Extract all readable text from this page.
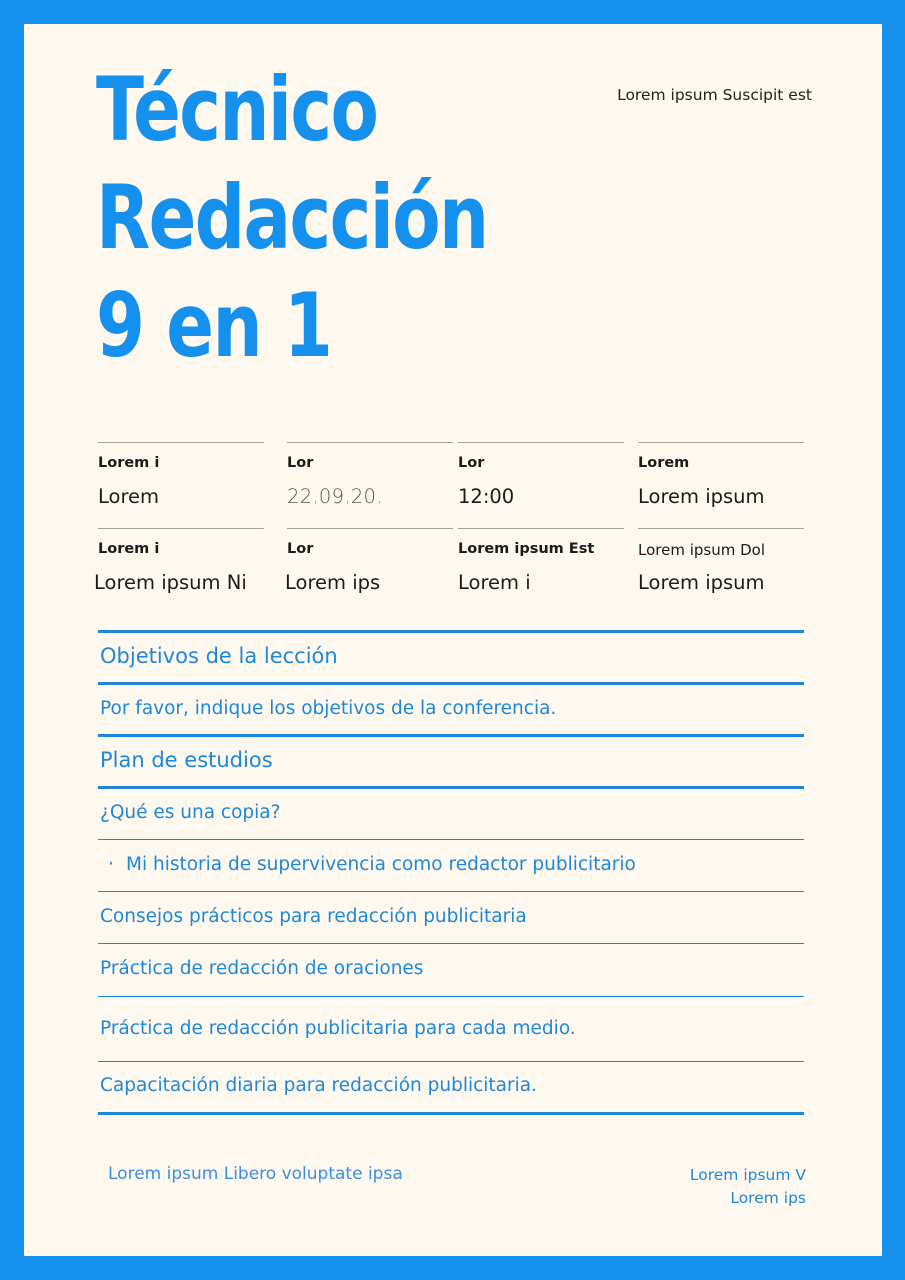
Técnico
Redacción
9 en 1
Lorem ipsum Suscipit est
Lorem i
Lorem
Lor
22.09.20.
Lor
12:00
Lorem
Lorem ipsum
Lorem i
Lorem ipsum Ni
Lor
Lorem ips
Lorem ipsum Est
Lorem i
Lorem ipsum Dol
Lorem ipsum
Objetivos de la lección
Por favor, indique los objetivos de la conferencia.
Plan de estudios
¿Qué es una copia?
· Mi historia de supervivencia como redactor publicitario
Consejos prácticos para redacción publicitaria
Práctica de redacción de oraciones
Práctica de redacción publicitaria para cada medio.
Capacitación diaria para redacción publicitaria.
Lorem ipsum Libero voluptate ipsa	Lorem ipsum V
Lorem ips
